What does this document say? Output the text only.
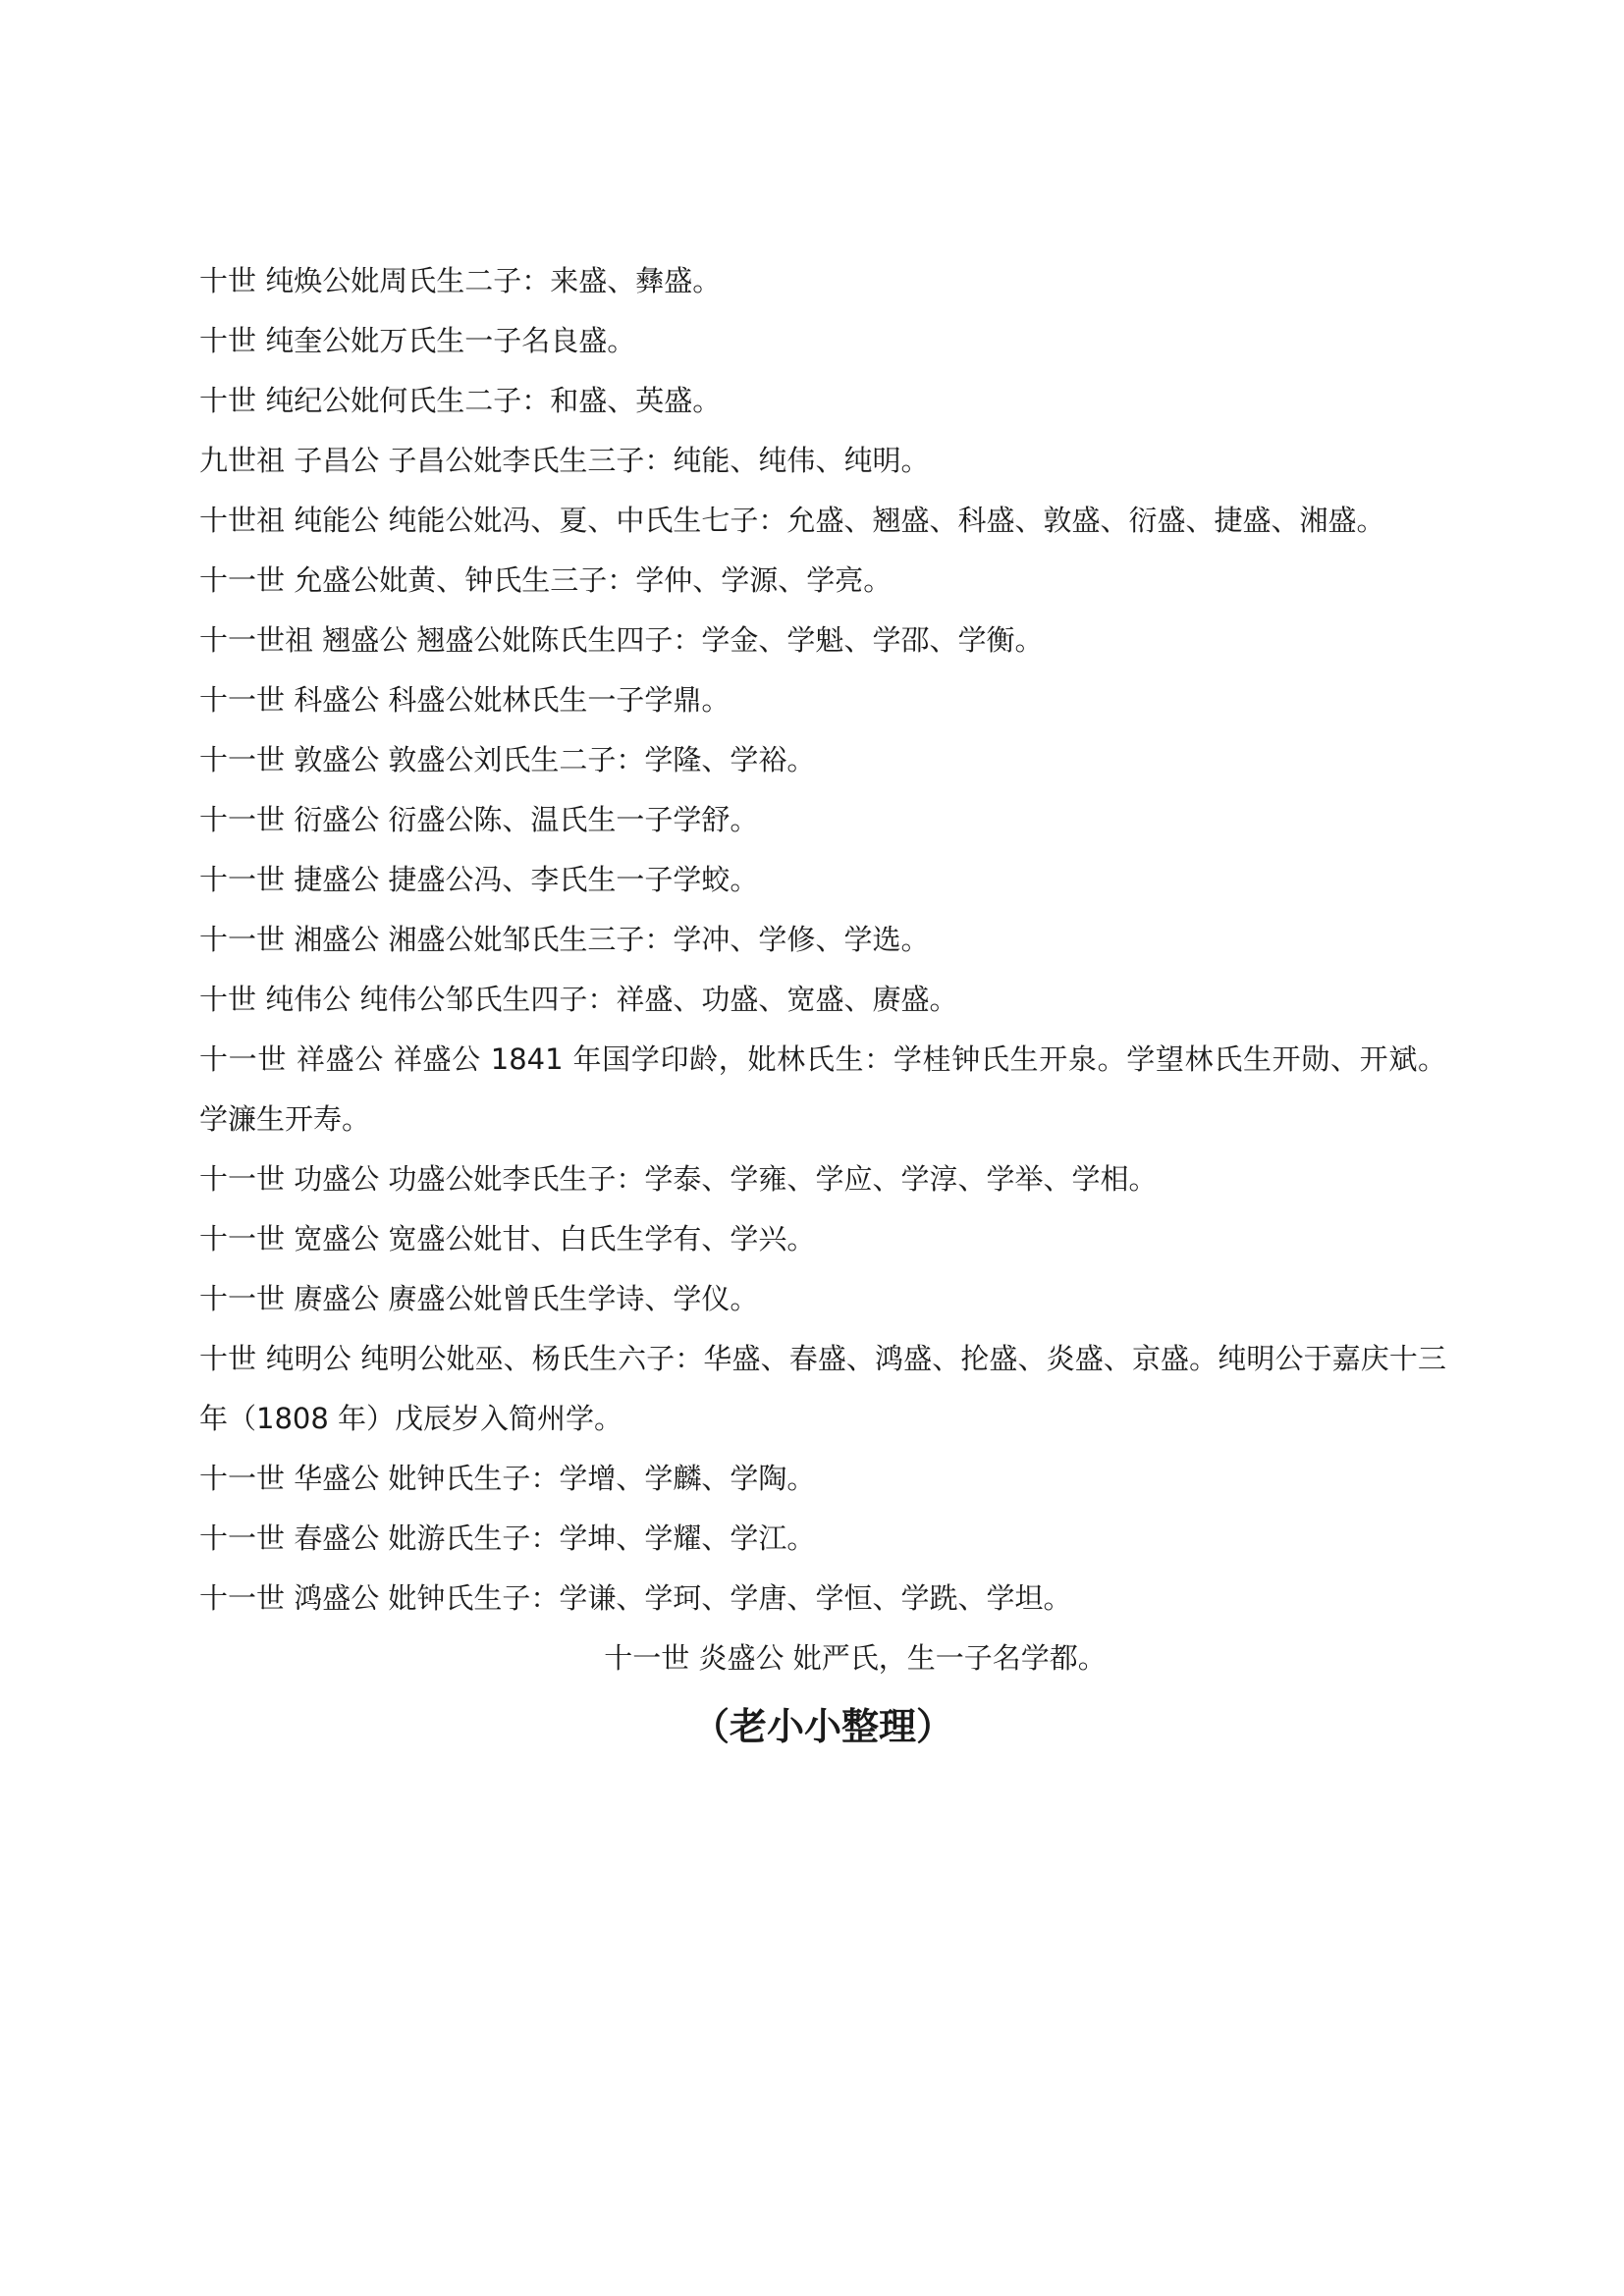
十世 纯焕公妣周氏生二子：来盛、彝盛。
十世 纯奎公妣万氏生一子名良盛。
十世 纯纪公妣何氏生二子：和盛、英盛。
九世祖 子昌公 子昌公妣李氏生三子：纯能、纯伟、纯明。
十世祖 纯能公 纯能公妣冯、夏、中氏生七子：允盛、翘盛、科盛、敦盛、衍盛、捷盛、湘盛。
十一世 允盛公妣黄、钟氏生三子：学仲、学源、学亮。
十一世祖 翘盛公 翘盛公妣陈氏生四子：学金、学魁、学邵、学衡。
十一世 科盛公 科盛公妣林氏生一子学鼎。
十一世 敦盛公 敦盛公刘氏生二子：学隆、学裕。
十一世 衍盛公 衍盛公陈、温氏生一子学舒。
十一世 捷盛公 捷盛公冯、李氏生一子学蛟。
十一世 湘盛公 湘盛公妣邹氏生三子：学冲、学修、学选。
十世 纯伟公 纯伟公邹氏生四子：祥盛、功盛、宽盛、赓盛。
十一世 祥盛公 祥盛公 1841 年国学印龄，妣林氏生：学桂钟氏生开泉。学望林氏生开勋、开斌。学濂生开寿。
十一世 功盛公 功盛公妣李氏生子：学泰、学雍、学应、学淳、学举、学相。
十一世 宽盛公 宽盛公妣甘、白氏生学有、学兴。
十一世 赓盛公 赓盛公妣曾氏生学诗、学仪。
十世 纯明公 纯明公妣巫、杨氏生六子：华盛、春盛、鸿盛、抡盛、炎盛、京盛。纯明公于嘉庆十三年（1808 年）戊辰岁入简州学。
十一世 华盛公 妣钟氏生子：学增、学麟、学陶。
十一世 春盛公 妣游氏生子：学坤、学耀、学江。
十一世 鸿盛公 妣钟氏生子：学谦、学珂、学唐、学恒、学跣、学坦。
十一世 炎盛公 妣严氏，生一子名学都。
（老小小整理）
